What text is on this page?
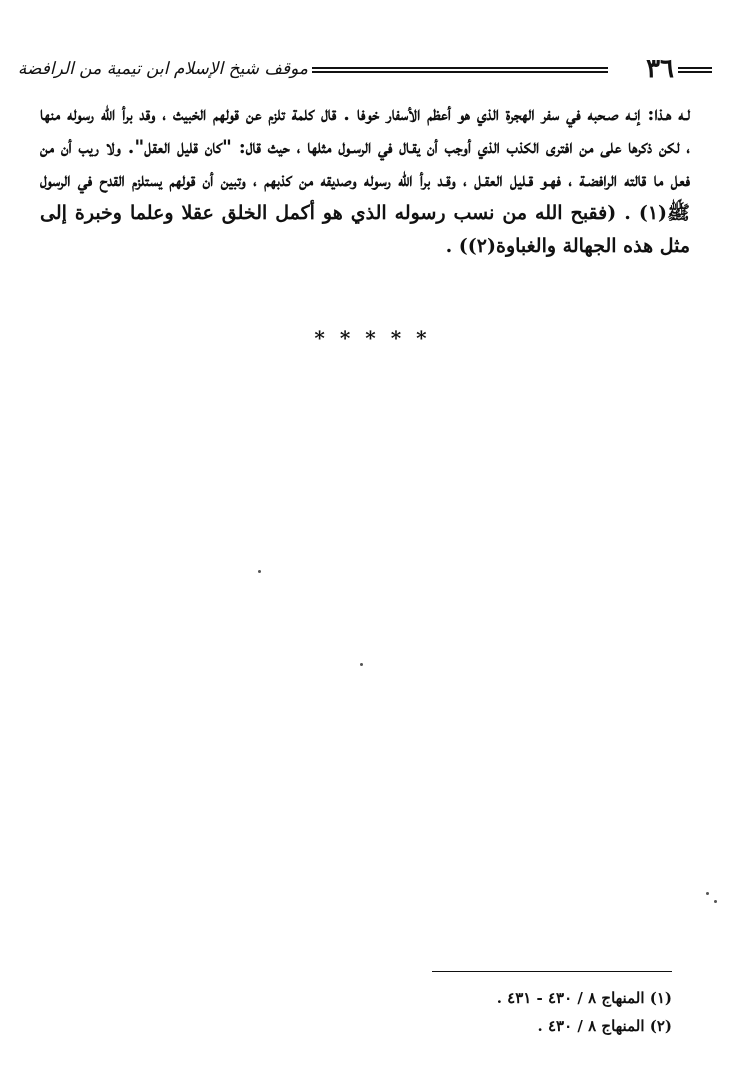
٣٦
موقف شيخ الإسلام ابن تيمية من الرافضة

لـه هـذا: إنـه صـحبه في سفر الهجرة الذي هو أعظم الأسفار خوفا . قال كلمة تلزم عن قولهم الخبيث ، وقد برأ الله رسوله منها ، لكن ذكرها على من افترى الكذب الذي أوجب أن يقـال في الرسـول مثلها ، حيث قال: "كان قليل العقل". ولا ريب أن من فعل ما قالته الرافضـة ، فهـو قـليل العقـل ، وقـد برأ الله رسوله وصديقه من كذبهم ، وتبين أن قولهم يستلزم القدح في الرسول ﷺ(١) . (فقبح الله من نسب رسوله الذي هو أكمل الخلق عقلا وعلما وخبرة إلى مثل هذه الجهالة والغباوة(٢)) .

* * * * *
(١) المنهاج ٨ / ٤٣٠ - ٤٣١ .
(٢) المنهاج ٨ / ٤٣٠ .
